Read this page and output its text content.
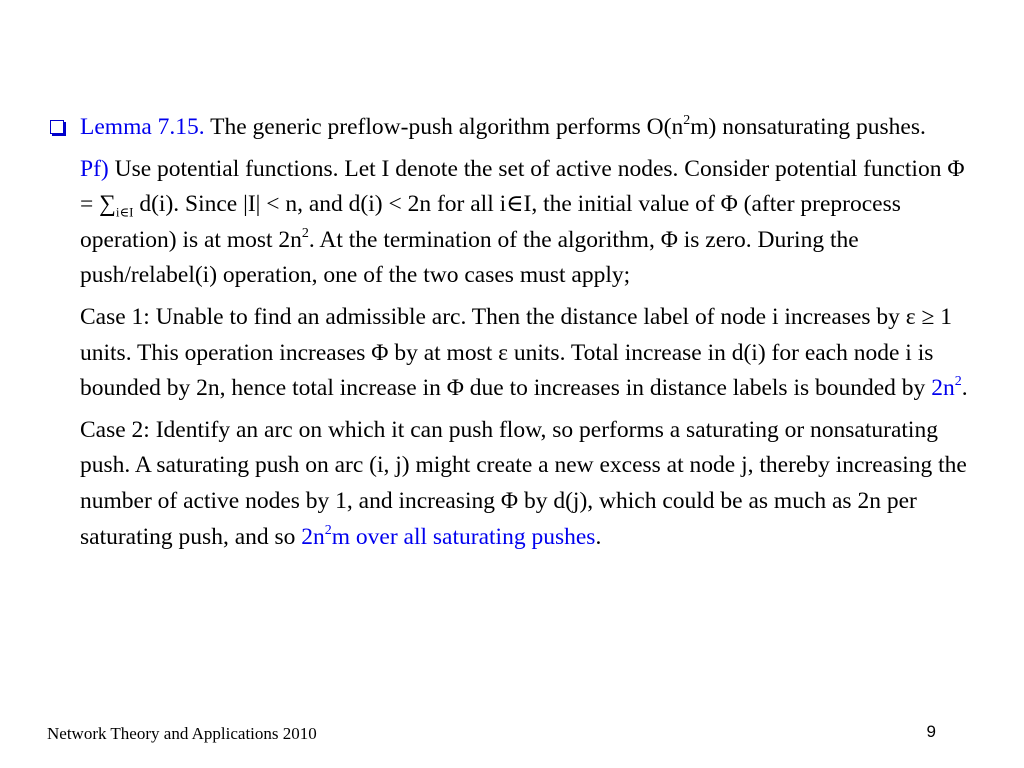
Lemma 7.15. The generic preflow-push algorithm performs $O(n^2m)$ nonsaturating pushes.

Pf) Use potential functions. Let I denote the set of active nodes. Consider potential function $\Phi = \sum_{i\in I}$ d(i). Since |I| < n, and d(i) < 2n for all i∈I, the initial value of Φ (after preprocess operation) is at most $2n^2$. At the termination of the algorithm, Φ is zero. During the push/relabel(i) operation, one of the two cases must apply;

Case 1: Unable to find an admissible arc. Then the distance label of node i increases by ε ≥ 1 units. This operation increases Φ by at most ε units. Total increase in d(i) for each node i is bounded by 2n, hence total increase in Φ due to increases in distance labels is bounded by $2n^2$.

Case 2: Identify an arc on which it can push flow, so performs a saturating or nonsaturating push. A saturating push on arc (i, j) might create a new excess at node j, thereby increasing the number of active nodes by 1, and increasing Φ by d(j), which could be as much as 2n per saturating push, and so $2n^2m$ over all saturating pushes.

Network Theory and Applications 2010	9
